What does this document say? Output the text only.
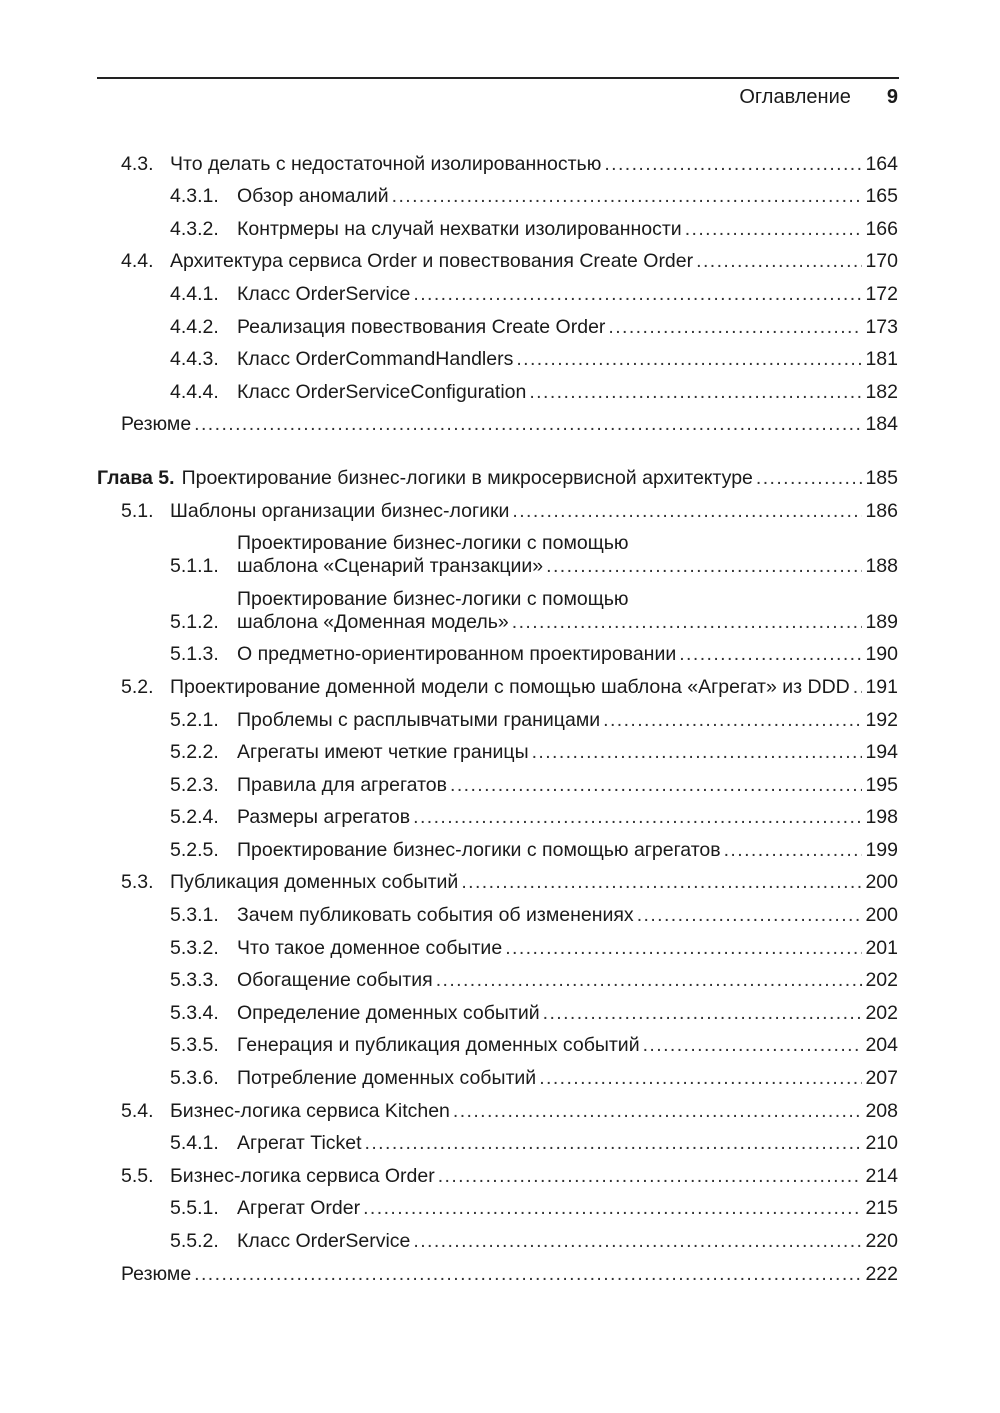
Оглавление 9
4.3. Что делать с недостаточной изолированностью .....	164
4.3.1. Обзор аномалий .....	165
4.3.2. Контрмеры на случай нехватки изолированности .....	166
4.4. Архитектура сервиса Order и повествования Create Order .....	170
4.4.1. Класс OrderService .....	172
4.4.2. Реализация повествования Create Order .....	173
4.4.3. Класс OrderCommandHandlers .....	181
4.4.4. Класс OrderServiceConfiguration .....	182
Резюме .....	184
Глава 5. Проектирование бизнес-логики в микросервисной архитектуре .....	185
5.1. Шаблоны организации бизнес-логики .....	186
5.1.1.
Проектирование бизнес-логики с помощью
шаблона «Сценарий транзакции» .....	188
5.1.2.
Проектирование бизнес-логики с помощью
шаблона «Доменная модель» .....	189
5.1.3. О предметно-ориентированном проектировании .....	190
5.2. Проектирование доменной модели с помощью шаблона «Агрегат» из DDD ..... 191
5.2.1. Проблемы с расплывчатыми границами .....	192
5.2.2. Агрегаты имеют четкие границы .....	194
5.2.3. Правила для агрегатов .....	195
5.2.4. Размеры агрегатов .....	198
5.2.5. Проектирование бизнес-логики с помощью агрегатов .....	199
5.3. Публикация доменных событий .....	200
5.3.1. Зачем публиковать события об изменениях .....	200
5.3.2. Что такое доменное событие .....	201
5.3.3. Обогащение события .....	202
5.3.4. Определение доменных событий .....	202
5.3.5. Генерация и публикация доменных событий .....	204
5.3.6. Потребление доменных событий .....	207
5.4. Бизнес-логика сервиса Kitchen .....	208
5.4.1. Агрегат Ticket .....	210
5.5. Бизнес-логика сервиса Order .....	214
5.5.1. Агрегат Order .....	215
5.5.2. Класс OrderService .....	220
Резюме .....	222
